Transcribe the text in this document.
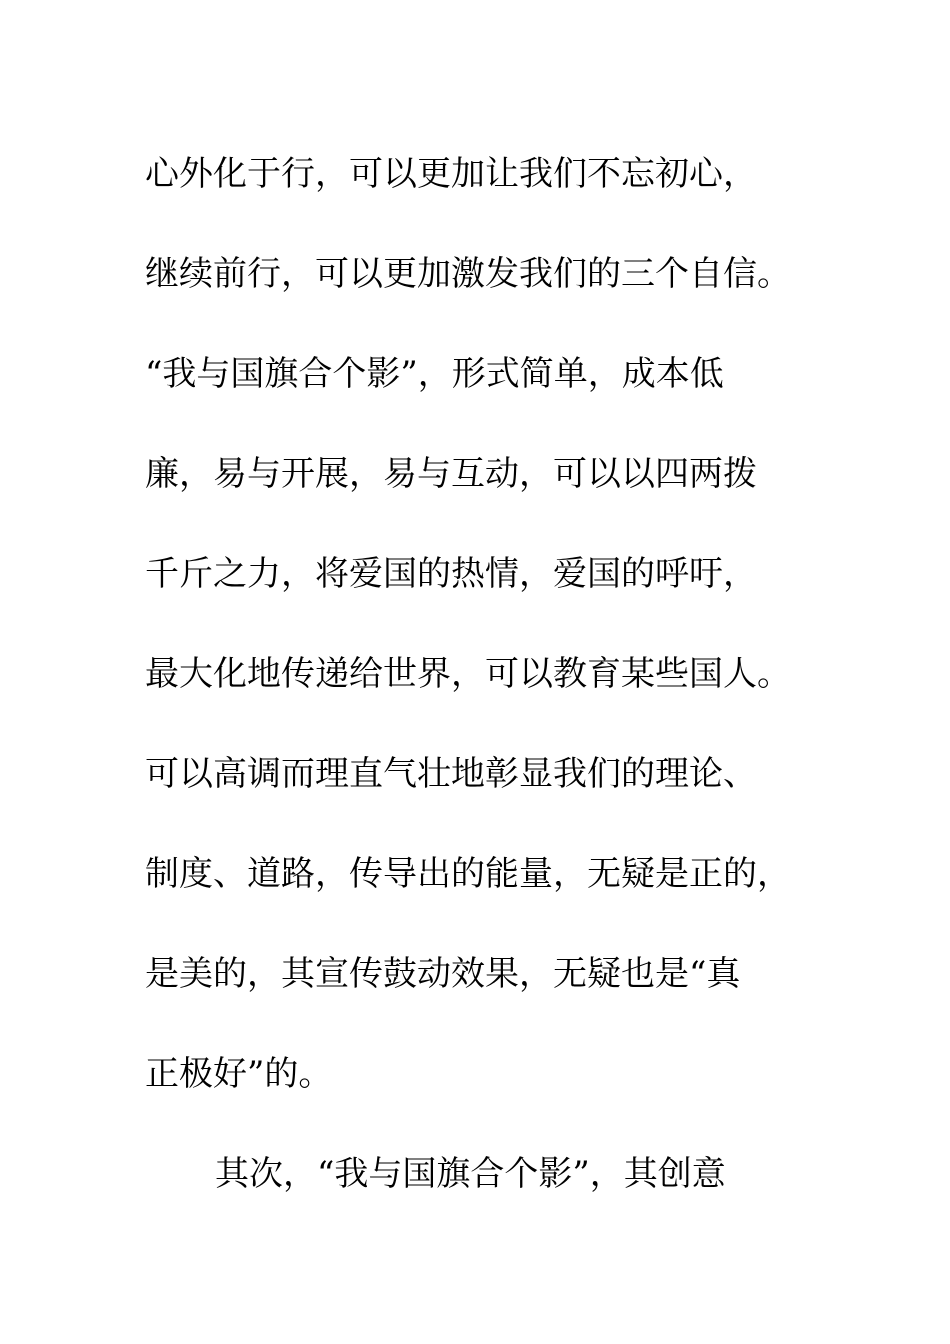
心外化于行，可以更加让我们不忘初心，
继续前行，可以更加激发我们的三个自信。
“我与国旗合个影”，形式简单，成本低
廉，易与开展，易与互动，可以以四两拨
千斤之力，将爱国的热情，爱国的呼吁，
最大化地传递给世界，可以教育某些国人。
可以高调而理直气壮地彰显我们的理论、
制度、道路，传导出的能量，无疑是正的，
是美的，其宣传鼓动效果，无疑也是“真
正极好”的。
其次，“我与国旗合个影”，其创意
